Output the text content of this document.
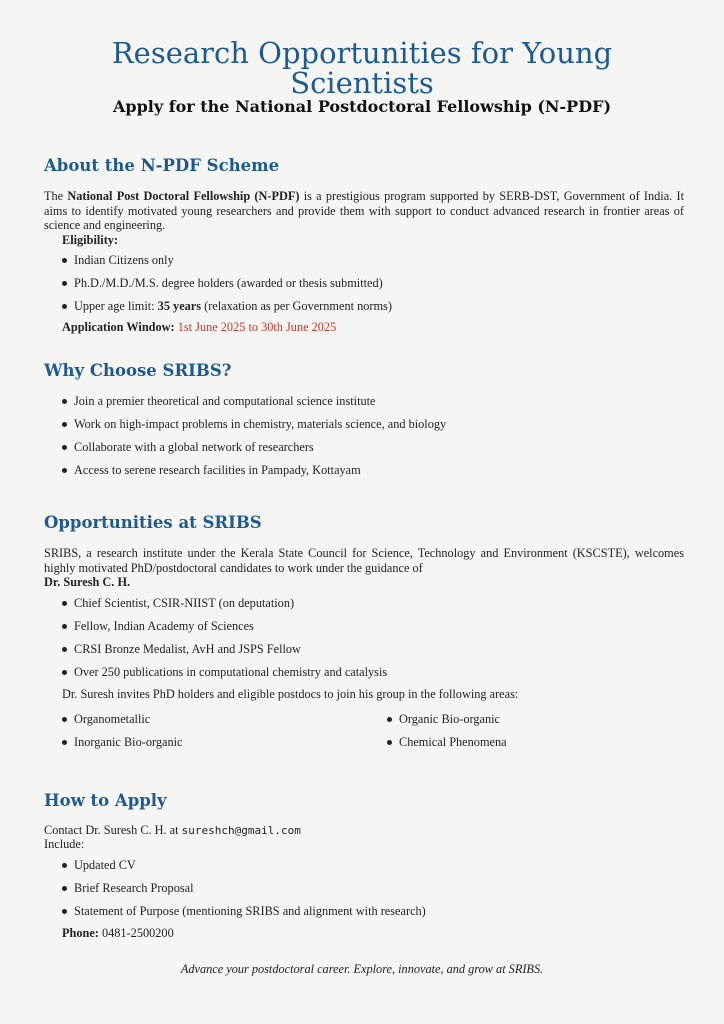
Research Opportunities for Young Scientists
Apply for the National Postdoctoral Fellowship (N-PDF)
About the N-PDF Scheme
The National Post Doctoral Fellowship (N-PDF) is a prestigious program supported by SERB-DST, Government of India. It aims to identify motivated young researchers and provide them with support to conduct advanced research in frontier areas of science and engineering.
Eligibility:
Indian Citizens only
Ph.D./M.D./M.S. degree holders (awarded or thesis submitted)
Upper age limit: 35 years (relaxation as per Government norms)
Application Window: 1st June 2025 to 30th June 2025
Why Choose SRIBS?
Join a premier theoretical and computational science institute
Work on high-impact problems in chemistry, materials science, and biology
Collaborate with a global network of researchers
Access to serene research facilities in Pampady, Kottayam
Opportunities at SRIBS
SRIBS, a research institute under the Kerala State Council for Science, Technology and Environment (KSCSTE), welcomes highly motivated PhD/postdoctoral candidates to work under the guidance of
Dr. Suresh C. H.
Chief Scientist, CSIR-NIIST (on deputation)
Fellow, Indian Academy of Sciences
CRSI Bronze Medalist, AvH and JSPS Fellow
Over 250 publications in computational chemistry and catalysis
Dr. Suresh invites PhD holders and eligible postdocs to join his group in the following areas:
Organometallic
Inorganic Bio-organic
Organic Bio-organic
Chemical Phenomena
How to Apply
Contact Dr. Suresh C. H. at sureshch@gmail.com
Include:
Updated CV
Brief Research Proposal
Statement of Purpose (mentioning SRIBS and alignment with research)
Phone: 0481-2500200
Advance your postdoctoral career. Explore, innovate, and grow at SRIBS.
